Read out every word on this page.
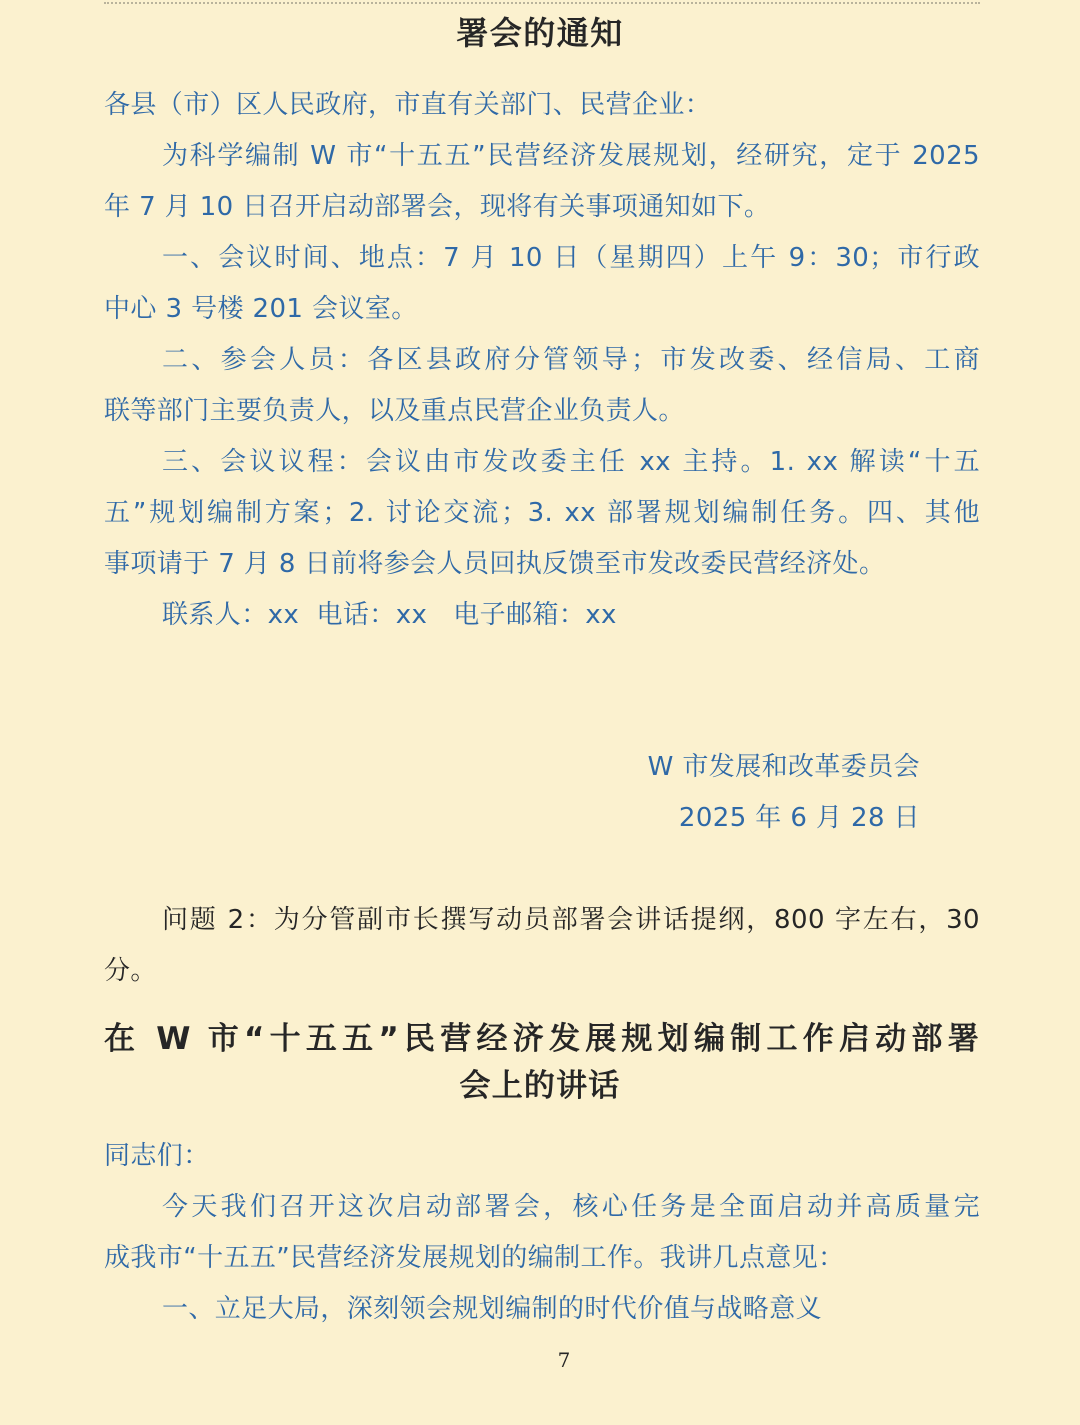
署会的通知
各县（市）区人民政府，市直有关部门、民营企业：
为科学编制 W 市“十五五”民营经济发展规划，经研究，定于 2025
年 7 月 10 日召开启动部署会，现将有关事项通知如下。
一、会议时间、地点：7 月 10 日（星期四）上午 9：30；市行政
中心 3 号楼 201 会议室。
二、参会人员：各区县政府分管领导；市发改委、经信局、工商
联等部门主要负责人，以及重点民营企业负责人。
三、会议议程：会议由市发改委主任 xx 主持。1. xx 解读“十五
五”规划编制方案；2. 讨论交流；3. xx 部署规划编制任务。四、其他
事项请于 7 月 8 日前将参会人员回执反馈至市发改委民营经济处。
联系人：xx  电话：xx   电子邮箱：xx
W 市发展和改革委员会
2025 年 6 月 28 日
问题 2：为分管副市长撰写动员部署会讲话提纲，800 字左右，30
分。
在 W 市“十五五”民营经济发展规划编制工作启动部署
会上的讲话
同志们：
今天我们召开这次启动部署会，核心任务是全面启动并高质量完
成我市“十五五”民营经济发展规划的编制工作。我讲几点意见：
一、立足大局，深刻领会规划编制的时代价值与战略意义
7
